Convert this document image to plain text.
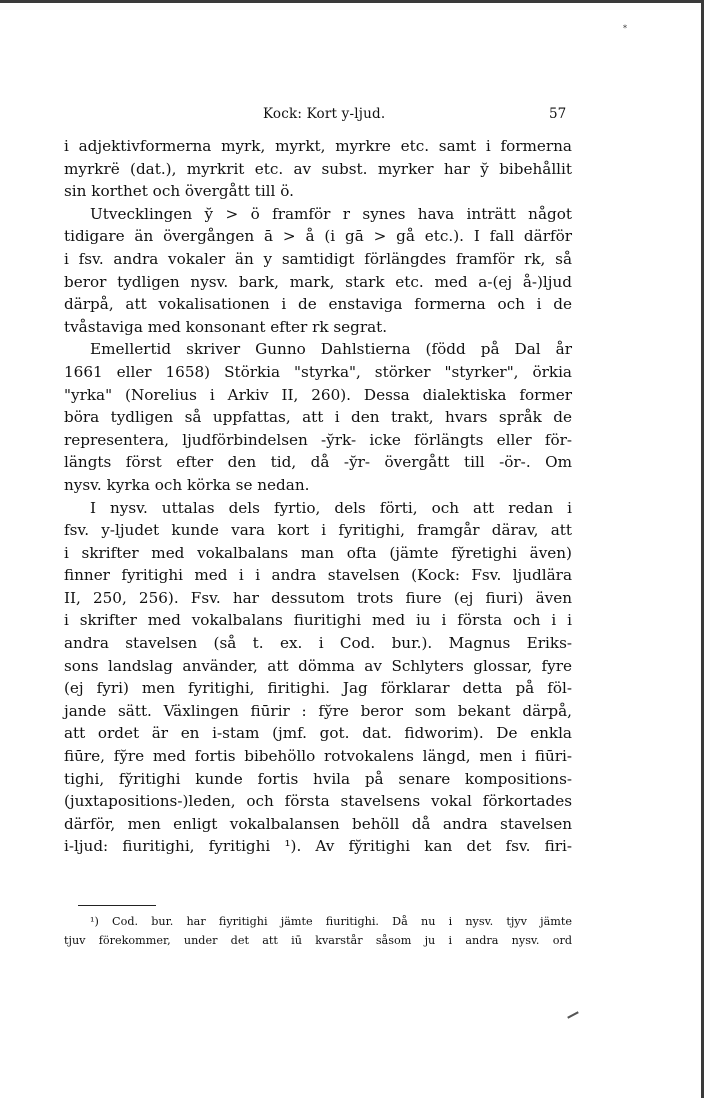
*
Kock: Kort y-ljud.	57
i adjektivformerna myrk, myrkt, myrkre etc. samt i formerna
myrkrë (dat.), myrkrit etc. av subst. myrker har y̆ bibehållit
sin korthet och övergått till ö.
Utvecklingen y̆ > ö framför r synes hava inträtt något
tidigare än övergången ā > å (i gā > gå etc.). I fall därför
i fsv. andra vokaler än y samtidigt förlängdes framför rk, så
beror tydligen nysv. bark, mark, stark etc. med a-(ej å-)ljud
därpå, att vokalisationen i de enstaviga formerna och i de
tvåstaviga med konsonant efter rk segrat.
Emellertid skriver Gunno Dahlstierna (född på Dal år
1661 eller 1658) Störkia "styrka", störker "styrker", örkia
"yrka" (Norelius i Arkiv II, 260). Dessa dialektiska former
böra tydligen så uppfattas, att i den trakt, hvars språk de
representera, ljudförbindelsen -y̆rk- icke förlängts eller för-
längts först efter den tid, då -y̆r- övergått till -ör-. Om
nysv. kyrka och körka se nedan.
I nysv. uttalas dels fyrtio, dels förti, och att redan i
fsv. y-ljudet kunde vara kort i fyritighi, framgår därav, att
i skrifter med vokalbalans man ofta (jämte fy̆retighi även)
finner fyritighi med i i andra stavelsen (Kock: Fsv. ljudlära
II, 250, 256). Fsv. har dessutom trots fiure (ej fiuri) även
i skrifter med vokalbalans fiuritighi med iu i första och i i
andra stavelsen (så t. ex. i Cod. bur.). Magnus Eriks-
sons landslag använder, att dömma av Schlyters glossar, fyre
(ej fyri) men fyritighi, firitighi. Jag förklarar detta på föl-
jande sätt. Växlingen fiūrir : fy̆re beror som bekant därpå,
att ordet är en i-stam (jmf. got. dat. fidworim). De enkla
fiūre, fy̆re med fortis bibehöllo rotvokalens längd, men i fiūri-
tighi, fy̆ritighi kunde fortis hvila på senare kompositions-
(juxtapositions-)leden, och första stavelsens vokal förkortades
därför, men enligt vokalbalansen behöll då andra stavelsen
i-ljud: fiuritighi, fyritighi ¹). Av fy̆ritighi kan det fsv. firi-
¹) Cod. bur. har fiyritighi jämte fiuritighi. Då nu i nysv. tjyv jämte
tjuv förekommer, under det att iū kvarstår såsom ju i andra nysv. ord
